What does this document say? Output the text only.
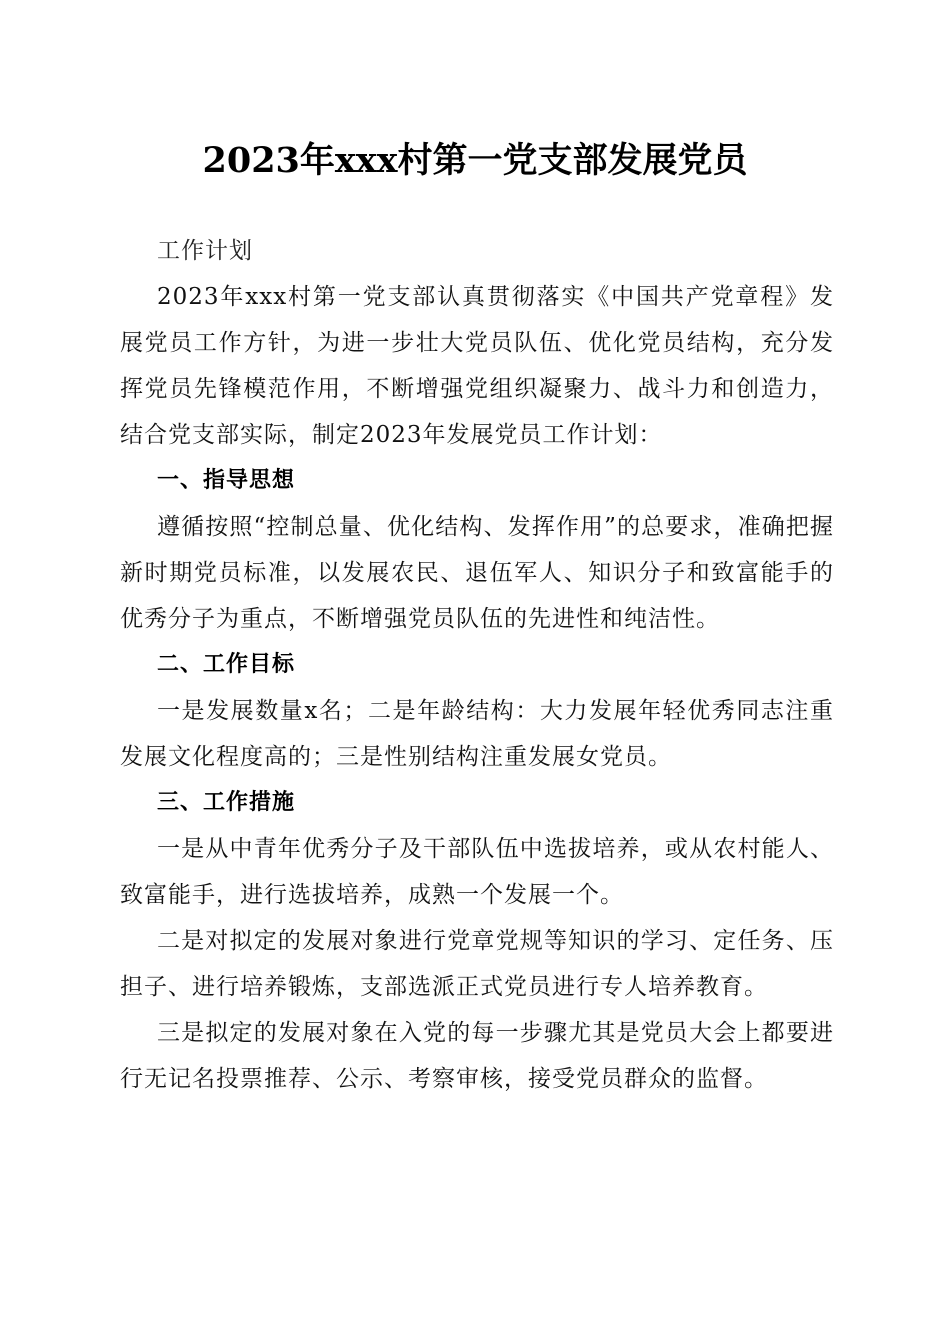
2023年xxx村第一党支部发展党员

工作计划

2023年xxx村第一党支部认真贯彻落实《中国共产党章程》发展党员工作方针，为进一步壮大党员队伍、优化党员结构，充分发挥党员先锋模范作用，不断增强党组织凝聚力、战斗力和创造力，结合党支部实际，制定2023年发展党员工作计划：

一、指导思想

遵循按照“控制总量、优化结构、发挥作用”的总要求，准确把握新时期党员标准，以发展农民、退伍军人、知识分子和致富能手的优秀分子为重点，不断增强党员队伍的先进性和纯洁性。

二、工作目标

一是发展数量x名；二是年龄结构：大力发展年轻优秀同志注重发展文化程度高的；三是性别结构注重发展女党员。

三、工作措施

一是从中青年优秀分子及干部队伍中选拔培养，或从农村能人、致富能手，进行选拔培养，成熟一个发展一个。

二是对拟定的发展对象进行党章党规等知识的学习、定任务、压担子、进行培养锻炼，支部选派正式党员进行专人培养教育。

三是拟定的发展对象在入党的每一步骤尤其是党员大会上都要进行无记名投票推荐、公示、考察审核，接受党员群众的监督。
